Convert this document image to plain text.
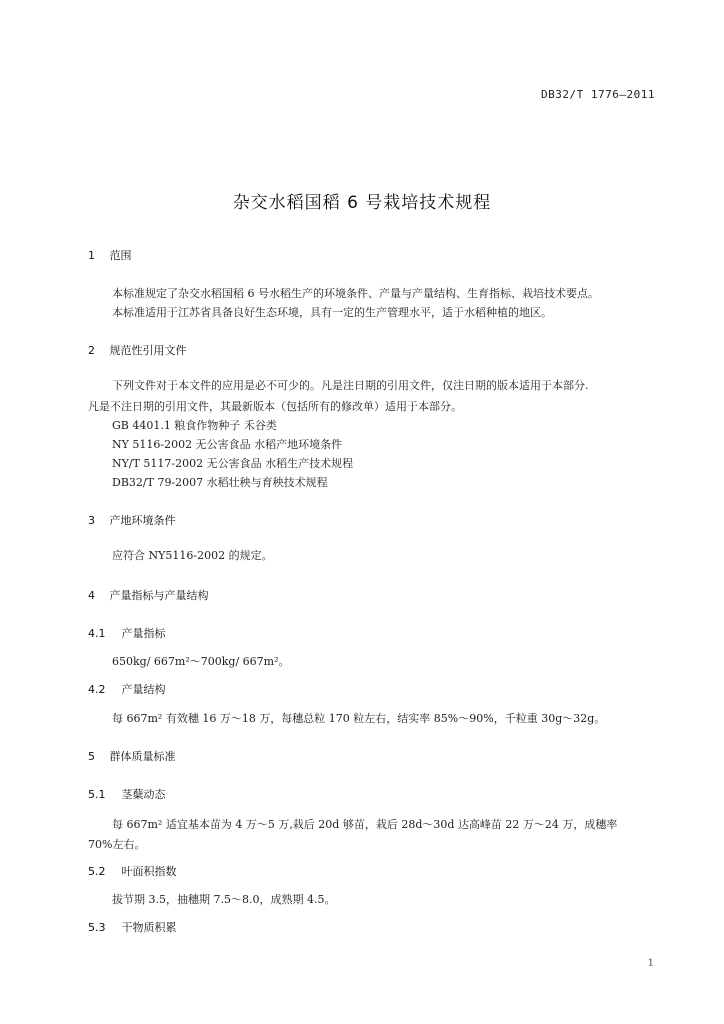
DB32/T 1776—2011
杂交水稻国稻 6 号栽培技术规程
1 范围

本标准规定了杂交水稻国稻 6 号水稻生产的环境条件、产量与产量结构、生育指标、栽培技术要点。

本标准适用于江苏省具备良好生态环境，具有一定的生产管理水平，适于水稻种植的地区。

2 规范性引用文件

下列文件对于本文件的应用是必不可少的。凡是注日期的引用文件，仅注日期的版本适用于本部分.

凡是不注日期的引用文件，其最新版本（包括所有的修改单）适用于本部分。

GB 4401.1 粮食作物种子 禾谷类

NY 5116-2002 无公害食品 水稻产地环境条件

NY/T 5117-2002 无公害食品 水稻生产技术规程

DB32/T 79-2007 水稻壮秧与育秧技术规程

3 产地环境条件

应符合 NY5116-2002 的规定。

4 产量指标与产量结构
4.1 产量指标

650kg/ 667m²～700kg/ 667m²。

4.2 产量结构

每 667m² 有效穗 16 万～18 万，每穗总粒 170 粒左右，结实率 85%～90%，千粒重 30g～32g。

5 群体质量标准
5.1 茎蘖动态

每 667m² 适宜基本苗为 4 万～5 万,栽后 20d 够苗，栽后 28d～30d 达高峰苗 22 万～24 万，成穗率

70%左右。

5.2 叶面积指数

拔节期 3.5，抽穗期 7.5～8.0，成熟期 4.5。

5.3 干物质积累
1
